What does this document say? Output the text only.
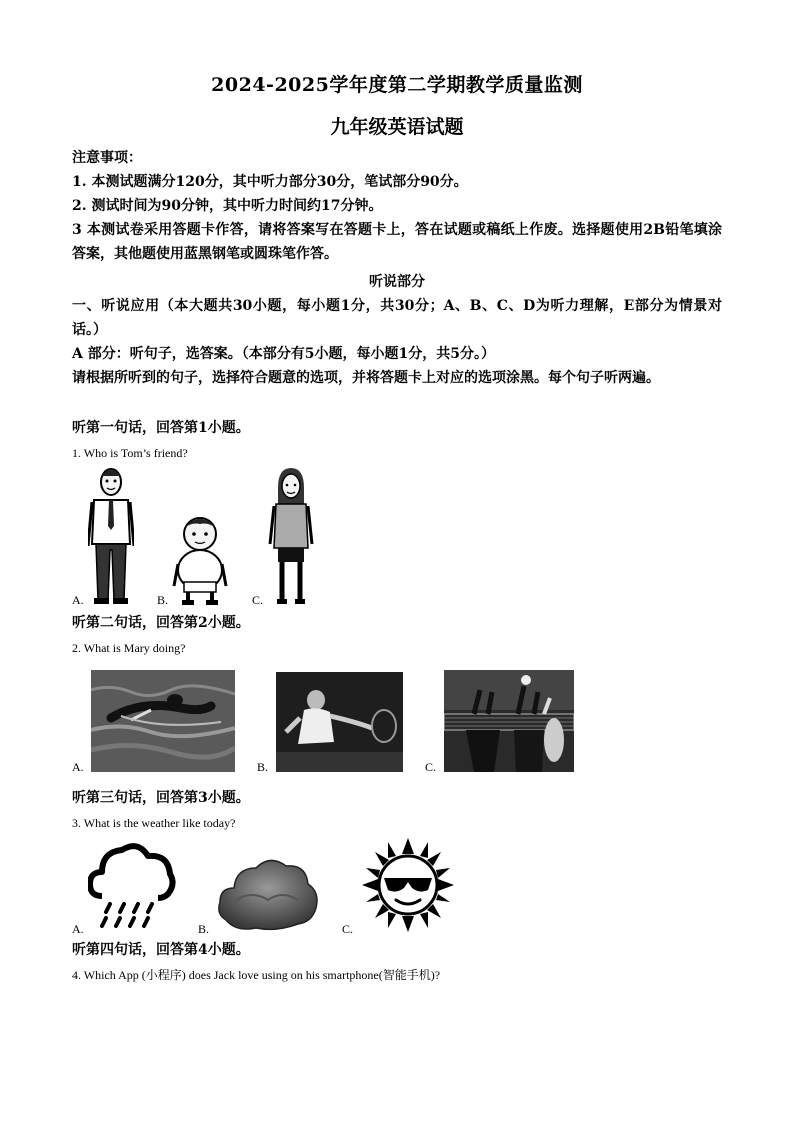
2024-2025学年度第二学期教学质量监测
九年级英语试题
注意事项：
1. 本测试题满分120分，其中听力部分30分，笔试部分90分。
2. 测试时间为90分钟，其中听力时间约17分钟。
3 本测试卷采用答题卡作答，请将答案写在答题卡上，答在试题或稿纸上作废。选择题使用2B铅笔填涂答案，其他题使用蓝黑钢笔或圆珠笔作答。
听说部分
一、听说应用（本大题共30小题，每小题1分，共30分；A、B、C、D为听力理解，E部分为情景对话。）
A 部分：听句子，选答案。（本部分有5小题，每小题1分，共5分。）
请根据所听到的句子，选择符合题意的选项，并将答题卡上对应的选项涂黑。每个句子听两遍。
听第一句话，回答第1小题。
1. Who is Tom’s friend?
A.	B.	C.
听第二句话，回答第2小题。
2. What is Mary doing?
A.	B.	C.
听第三句话，回答第3小题。
3. What is the weather like today?
A.	B.	C.
听第四句话，回答第4小题。
4. Which App (小程序) does Jack love using on his smartphone(智能手机)?
